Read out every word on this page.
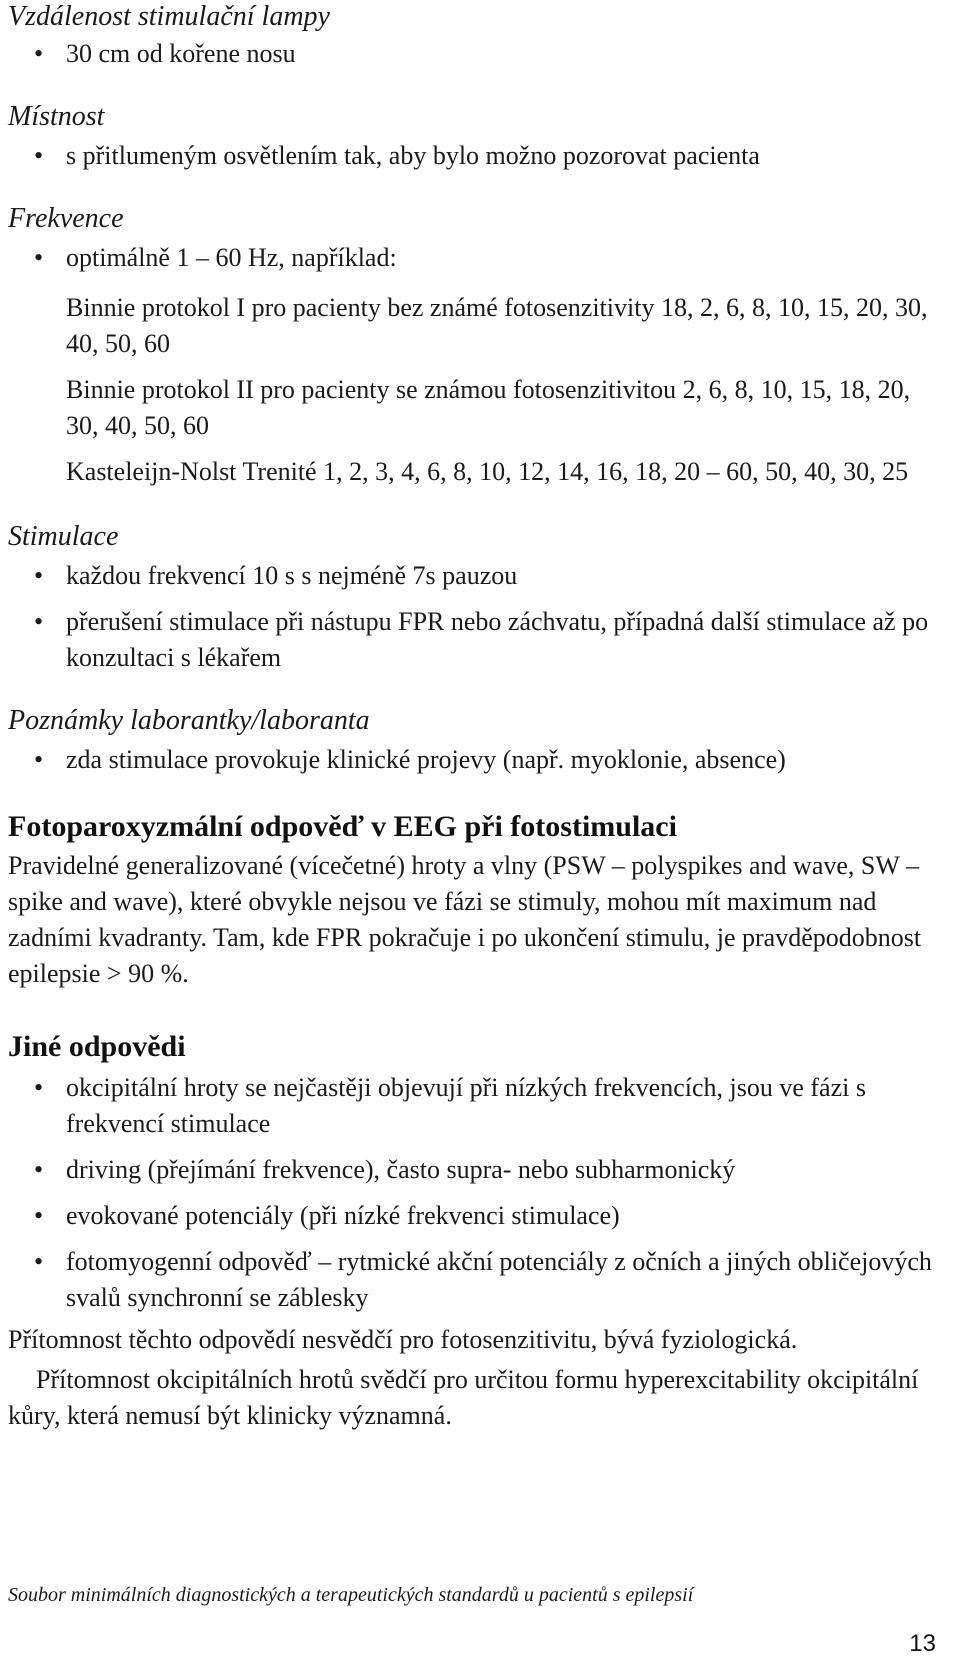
Vzdálenost stimulační lampy

• 30 cm od kořene nosu

Místnost

• s přitlumeným osvětlením tak, aby bylo možno pozorovat pacienta

Frekvence

• optimálně 1 – 60 Hz, například:
Binnie protokol I pro pacienty bez známé fotosenzitivity 18, 2, 6, 8, 10, 15, 20, 30, 40, 50, 60
Binnie protokol II pro pacienty se známou fotosenzitivitou 2, 6, 8, 10, 15, 18, 20, 30, 40, 50, 60
Kasteleijn-Nolst Trenité 1, 2, 3, 4, 6, 8, 10, 12, 14, 16, 18, 20 – 60, 50, 40, 30, 25

Stimulace

• každou frekvencí 10 s s nejméně 7s pauzou
• přerušení stimulace při nástupu FPR nebo záchvatu, případná další stimulace až po konzultaci s lékařem

Poznámky laborantky/laboranta

• zda stimulace provokuje klinické projevy (např. myoklonie, absence)
Fotoparoxyzmální odpověď v EEG při fotostimulaci

Pravidelné generalizované (vícečetné) hroty a vlny (PSW – polyspikes and wave, SW – spike and wave), které obvykle nejsou ve fázi se stimuly, mohou mít maximum nad zadními kvadranty. Tam, kde FPR pokračuje i po ukončení stimulu, je pravděpodobnost epilepsie > 90 %.

Jiné odpovědi
• okcipitální hroty se nejčastěji objevují při nízkých frekvencích, jsou ve fázi s frekvencí stimulace
• driving (přejímání frekvence), často supra- nebo subharmonický
• evokované potenciály (při nízké frekvenci stimulace)
• fotomyogenní odpověď – rytmické akční potenciály z očních a jiných obličejových svalů synchronní se záblesky

Přítomnost těchto odpovědí nesvědčí pro fotosenzitivitu, bývá fyziologická.

Přítomnost okcipitálních hrotů svědčí pro určitou formu hyperexcitability okcipitální kůry, která nemusí být klinicky významná.

Soubor minimálních diagnostických a terapeutických standardů u pacientů s epilepsií
13
